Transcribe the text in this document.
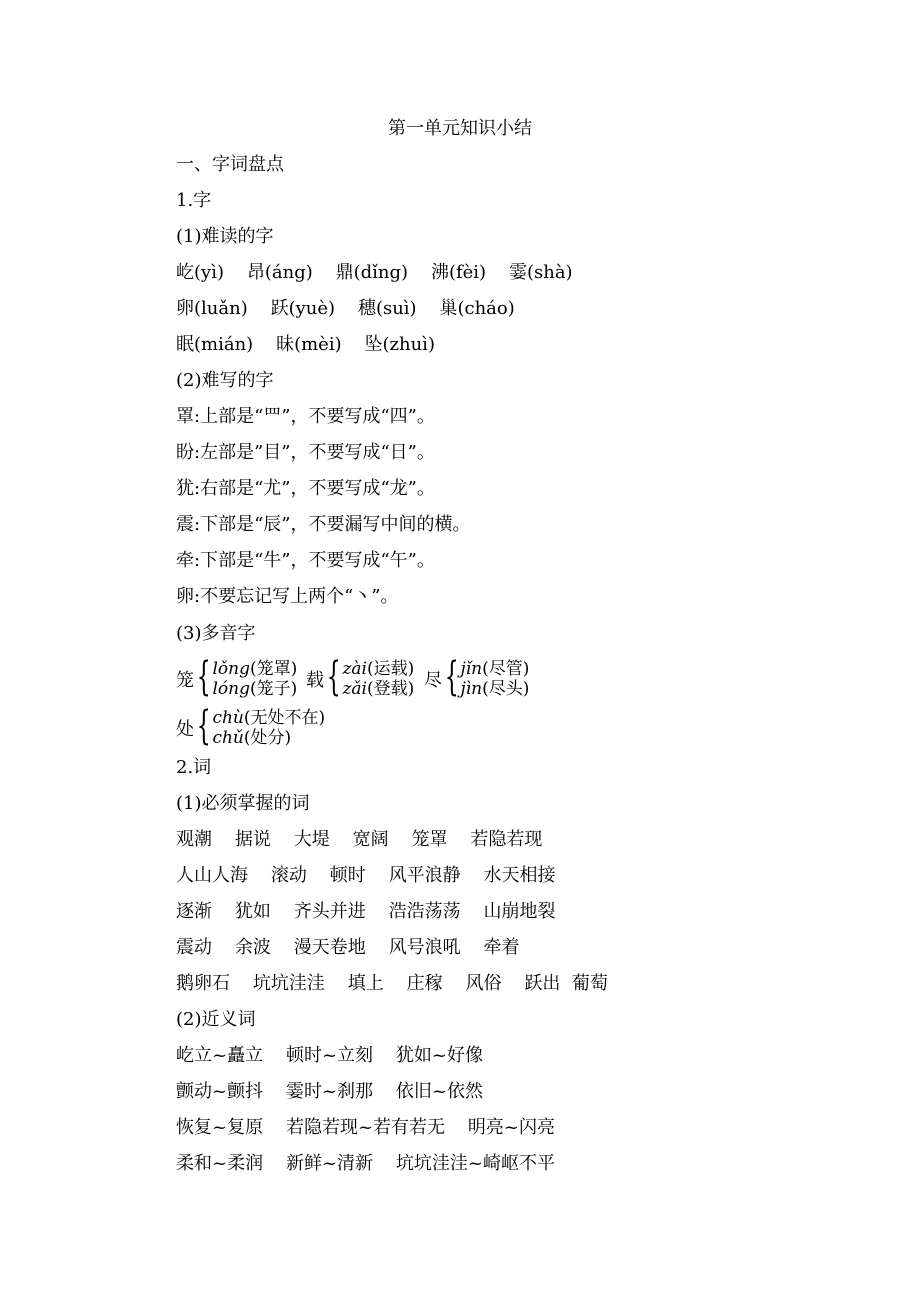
第一单元知识小结
一、字词盘点
1.字
(1)难读的字
屹(yì)    昂(áng)    鼎(dǐng)    沸(fèi)    霎(shà)
卵(luǎn)    跃(yuè)    穗(suì)    巢(cháo)
眠(mián)    昧(mèi)    坠(zhuì)
(2)难写的字
罩:上部是“罒”，不要写成“四”。
盼:左部是”目”，不要写成“日”。
犹:右部是“尤”，不要写成“龙”。
震:下部是“辰”，不要漏写中间的横。
牵:下部是“牛”，不要写成“午”。
卵:不要忘记写上两个“丶”。
(3)多音字
笼 { lǒng(笼罩)
lóng(笼子) 载 { zài(运载)
zǎi(登载) 尽 { jǐn(尽管)
jìn(尽头)
处 { chù(无处不在)
chǔ(处分)
2.词
(1)必须掌握的词
观潮    据说    大堤    宽阔    笼罩    若隐若现
人山人海    滚动    顿时    风平浪静    水天相接
逐渐    犹如    齐头并进    浩浩荡荡    山崩地裂
震动    余波    漫天卷地    风号浪吼    牵着
鹅卵石    坑坑洼洼    填上    庄稼    风俗    跃出  葡萄
(2)近义词
屹立~矗立    顿时~立刻    犹如~好像
颤动~颤抖    霎时~刹那    依旧~依然
恢复~复原    若隐若现~若有若无    明亮~闪亮
柔和~柔润    新鲜~清新    坑坑洼洼~崎岖不平
